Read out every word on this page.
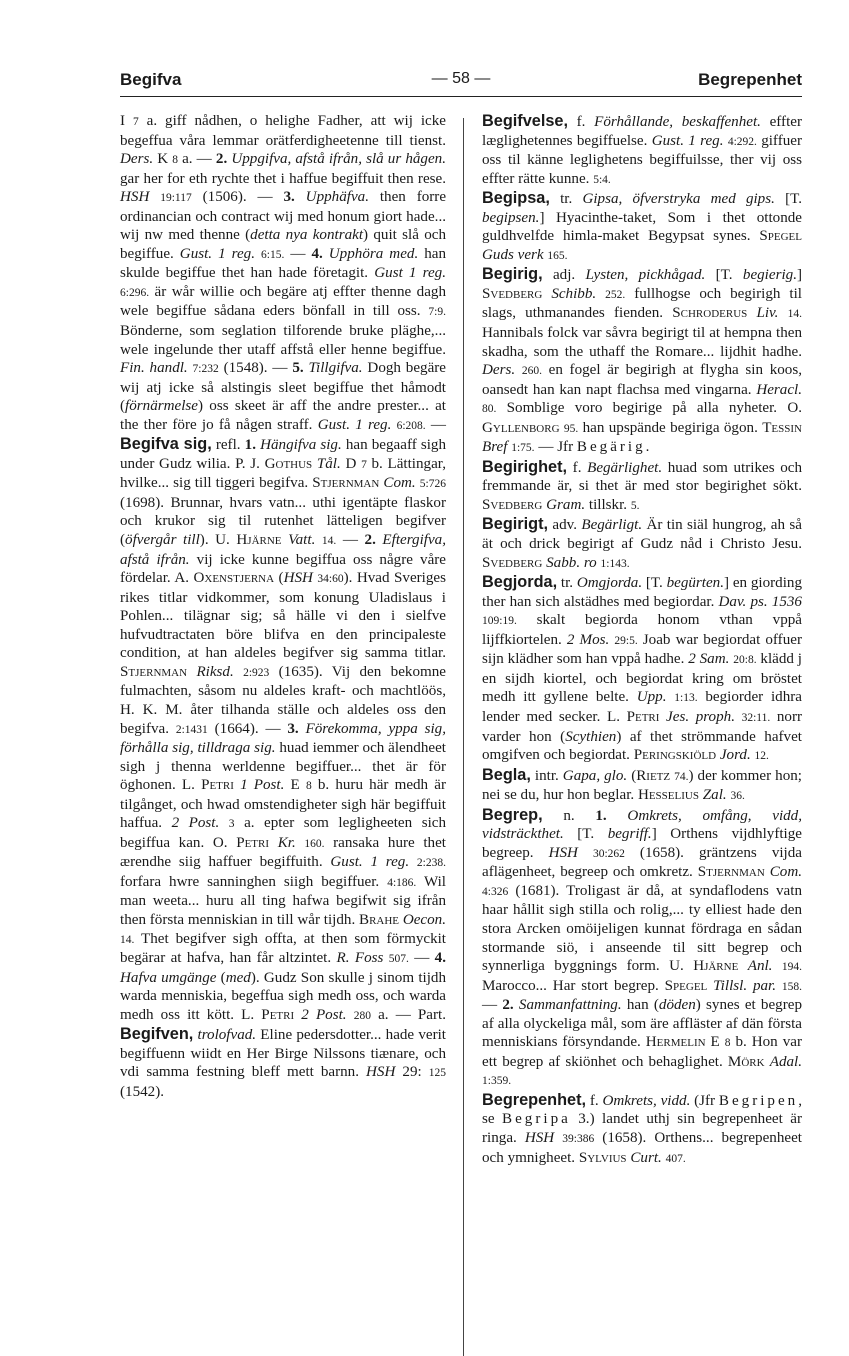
Begifva	— 58 —	Begrepenhet

I 7 a. giff nådhen, o helighe Fadher, att wij icke begeffua våra lemmar orätferdigheetenne till tienst. Ders. K 8 a. — 2. Uppgifva, afstå ifrån, slå ur hågen. gar her for eth rychte thet i haffue begiffuit then rese. HSH 19:117 (1506). — 3. Upphäfva. then forre ordinancian och contract wij med honum giort hade... wij nw med thenne (detta nya kontrakt) quit slå och begiffue. Gust. 1 reg. 6:15. — 4. Upphöra med. han skulde begiffue thet han hade företagit. Gust 1 reg. 6:296. är wår willie och begäre atj effter thenne dagh wele begiffue sådana eders bönfall in till oss. 7:9. Bönderne, som seglation tilforende bruke pläghe,... wele ingelunde ther utaff affstå eller henne begiffue. Fin. handl. 7:232 (1548). — 5. Tillgifva. Dogh begäre wij atj icke så alstingis sleet begiffue thet håmodt (förnärmelse) oss skeet är aff the andre prester... at the ther före jo få någen straff. Gust. 1 reg. 6:208. — Begifva sig, refl. 1. Hängifva sig. han begaaff sigh under Gudz wilia. P. J. Gothus Tål. D 7 b. Lättingar, hvilke... sig till tiggeri begifva. Stjernman Com. 5:726 (1698). Brunnar, hvars vatn... uthi igentäpte flaskor och krukor sig til rutenhet lätteligen begifver (öfvergår till). U. Hjärne Vatt. 14. — 2. Eftergifva, afstå ifrån. vij icke kunne begiffua oss någre våre fördelar. A. Oxenstjerna (HSH 34:60). Hvad Sveriges rikes titlar vidkommer, som konung Uladislaus i Pohlen... tilägnar sig; så hälle vi den i sielfve hufvudtractaten böre blifva en den principaleste condition, at han aldeles begifver sig samma titlar. Stjernman Riksd. 2:923 (1635). Vij den bekomne fulmachten, såsom nu aldeles kraft- och machtlöös, H. K. M. åter tilhanda ställe och aldeles oss den begifva. 2:1431 (1664). — 3. Förekomma, yppa sig, förhålla sig, tilldraga sig. huad iemmer och älendheet sigh j thenna werldenne begiffuer... thet är för öghonen. L. Petri 1 Post. E 8 b. huru här medh är tilgånget, och hwad omstendigheter sigh här begiffuit haffua. 2 Post. 3 a. epter som legligheeten sich begiffua kan. O. Petri Kr. 160. ransaka hure thet ærendhe siig haffuer begiffuith. Gust. 1 reg. 2:238. forfara hwre sanninghen siigh begiffuer. 4:186. Wil man weeta... huru all ting hafwa begifwit sig ifrån then första menniskian in till wår tijdh. Brahe Oecon. 14. Thet begifver sigh offta, at then som förmyckit begärar at hafva, han får altzintet. R. Foss 507. — 4. Hafva umgänge (med). Gudz Son skulle j sinom tijdh warda menniskia, begeffua sigh medh oss, och warda medh oss itt kött. L. Petri 2 Post. 280 a. — Part. Begifven, trolofvad. Eline pedersdotter... hade verit begiffuenn wiidt en Her Birge Nilssons tiænare, och vdi samma festning bleff mett barnn. HSH 29: 125 (1542).

Begifvelse, f. Förhållande, beskaffenhet. effter læglighetennes begiffuelse. Gust. 1 reg. 4:292. giffuer oss til känne leglighetens begiffuilsse, ther vij oss effter rätte kunne. 5:4.

Begipsa, tr. Gipsa, öfverstryka med gips. [T. begipsen.] Hyacinthe-taket, Som i thet ottonde guldhvelfde himla-maket Begypsat synes. Spegel Guds verk 165.

Begirig, adj. Lysten, pickhågad. [T. begierig.] Svedberg Schibb. 252. fullhogse och begirigh til slags, uthmanandes fienden. Schroderus Liv. 14. Hannibals folck var såvra begirigt til at hempna then skadha, som the uthaff the Romare... lijdhit hadhe. Ders. 260. en fogel är begirigh at flygha sin koos, oansedt han kan napt flachsa med vingarna. Heracl. 80. Somblige voro begirige på alla nyheter. O. Gyllenborg 95. han upspände begiriga ögon. Tessin Bref 1:75. — Jfr Begärig.

Begirighet, f. Begärlighet. huad som utrikes och fremmande är, si thet är med stor begirighet sökt. Svedberg Gram. tillskr. 5.

Begirigt, adv. Begärligt. Är tin siäl hungrog, ah så ät och drick begirigt af Gudz nåd i Christo Jesu. Svedberg Sabb. ro 1:143.

Begjorda, tr. Omgjorda. [T. begürten.] en giording ther han sich alstädhes med begiordar. Dav. ps. 1536 109:19. skalt begiorda honom vthan vppå lijffkiortelen. 2 Mos. 29:5. Joab war begiordat offuer sijn klädher som han vppå hadhe. 2 Sam. 20:8. klädd j en sijdh kiortel, och begiordat kring om bröstet medh itt gyllene belte. Upp. 1:13. begiorder idhra lender med secker. L. Petri Jes. proph. 32:11. norr varder hon (Scythien) af thet strömmande hafvet omgifven och begiordat. Peringskiöld Jord. 12.

Begla, intr. Gapa, glo. (Rietz 74.) der kommer hon; nei se du, hur hon beglar. Hesselius Zal. 36.

Begrep, n. 1. Omkrets, omfång, vidd, vidsträckthet. [T. begriff.] Orthens vijdhlyftige begreep. HSH 30:262 (1658). gräntzens vijda aflägenheet, begreep och omkretz. Stjernman Com. 4:326 (1681). Troligast är då, at syndaflodens vatn haar hållit sigh stilla och rolig,... ty elliest hade den stora Arcken omöijeligen kunnat fördraga en sådan stormande siö, i anseende til sitt begrep och synnerliga byggnings form. U. Hjärne Anl. 194. Marocco... Har stort begrep. Spegel Tillsl. par. 158. — 2. Sammanfattning. han (döden) synes et begrep af alla olyckeliga mål, som äre affläster af dän första menniskians försyndande. Hermelin E 8 b. Hon var ett begrep af skiönhet och behaglighet. Mörk Adal. 1:359.

Begrepenhet, f. Omkrets, vidd. (Jfr Begripen, se Begripa 3.) landet uthj sin begrepenheet är ringa. HSH 39:386 (1658). Orthens... begrepenheet och ymnigheet. Sylvius Curt. 407.
